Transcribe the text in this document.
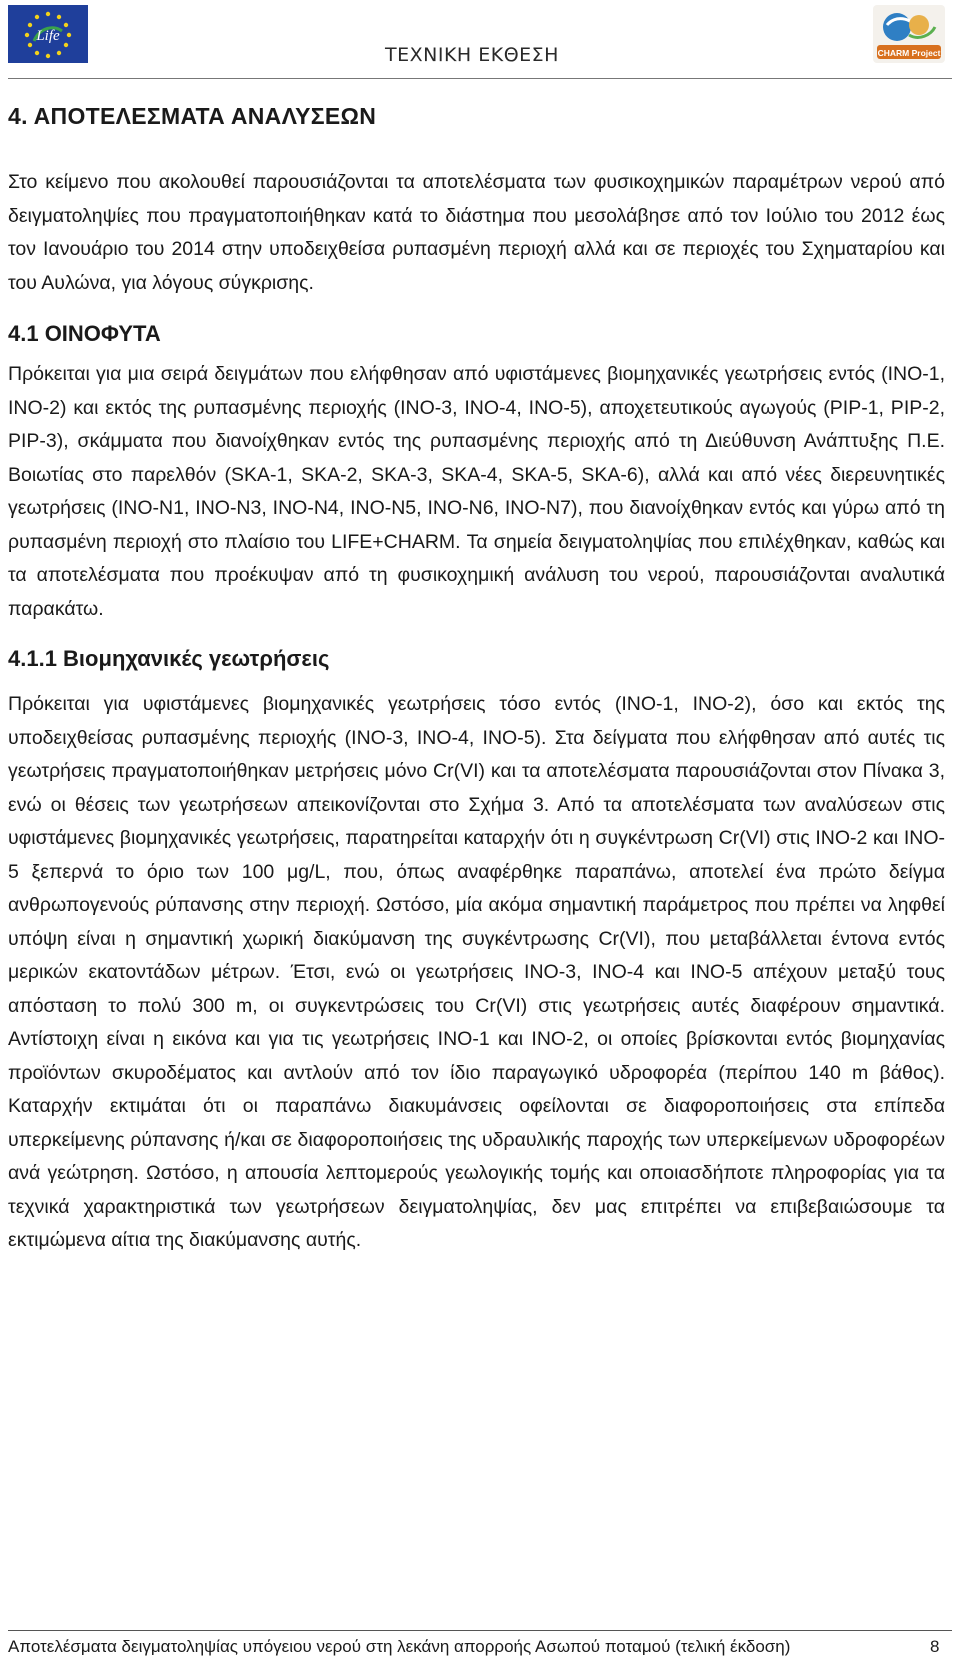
Life
ΤΕΧΝΙΚΗ ΕΚΘΕΣΗ	CHARM Project
4. ΑΠΟΤΕΛΕΣΜΑΤΑ ΑΝΑΛΥΣΕΩΝ

Στο κείμενο που ακολουθεί παρουσιάζονται τα αποτελέσματα των φυσικοχημικών παραμέτρων νερού από δειγματοληψίες που πραγματοποιήθηκαν κατά το διάστημα που μεσολάβησε από τον Ιούλιο του 2012 έως τον Ιανουάριο του 2014 στην υποδειχθείσα ρυπασμένη περιοχή αλλά και σε περιοχές του Σχηματαρίου και του Αυλώνα, για λόγους σύγκρισης.

4.1 ΟΙΝΟΦΥΤΑ

Πρόκειται για μια σειρά δειγμάτων που ελήφθησαν από υφιστάμενες βιομηχανικές γεωτρήσεις εντός (INO-1, INO-2) και εκτός της ρυπασμένης περιοχής (INO-3, INO-4, INO-5), αποχετευτικούς αγωγούς (PIP-1, PIP-2, PIP-3), σκάμματα που διανοίχθηκαν εντός της ρυπασμένης περιοχής από τη Διεύθυνση Ανάπτυξης Π.Ε. Βοιωτίας στο παρελθόν (SKA-1, SKA-2, SKA-3, SKA-4, SKA-5, SKA-6), αλλά και από νέες διερευνητικές γεωτρήσεις (INO-N1, INO-N3, INO-N4, INO-N5, INO-N6, INO-N7), που διανοίχθηκαν εντός και γύρω από τη ρυπασμένη περιοχή στο πλαίσιο του LIFE+CHARM. Τα σημεία δειγματοληψίας που επιλέχθηκαν, καθώς και τα αποτελέσματα που προέκυψαν από τη φυσικοχημική ανάλυση του νερού, παρουσιάζονται αναλυτικά παρακάτω.

4.1.1 Βιομηχανικές γεωτρήσεις

Πρόκειται για υφιστάμενες βιομηχανικές γεωτρήσεις τόσο εντός (INO-1, INO-2), όσο και εκτός της υποδειχθείσας ρυπασμένης περιοχής (INO-3, INO-4, INO-5). Στα δείγματα που ελήφθησαν από αυτές τις γεωτρήσεις πραγματοποιήθηκαν μετρήσεις μόνο Cr(VI) και τα αποτελέσματα παρουσιάζονται στον Πίνακα 3, ενώ οι θέσεις των γεωτρήσεων απεικονίζονται στο Σχήμα 3. Από τα αποτελέσματα των αναλύσεων στις υφιστάμενες βιομηχανικές γεωτρήσεις, παρατηρείται καταρχήν ότι η συγκέντρωση Cr(VI) στις INO-2 και INO-5 ξεπερνά το όριο των 100 μg/L, που, όπως αναφέρθηκε παραπάνω, αποτελεί ένα πρώτο δείγμα ανθρωπογενούς ρύπανσης στην περιοχή. Ωστόσο, μία ακόμα σημαντική παράμετρος που πρέπει να ληφθεί υπόψη είναι η σημαντική χωρική διακύμανση της συγκέντρωσης Cr(VI), που μεταβάλλεται έντονα εντός μερικών εκατοντάδων μέτρων. Έτσι, ενώ οι γεωτρήσεις INO-3, INO-4 και INO-5 απέχουν μεταξύ τους απόσταση το πολύ 300 m, οι συγκεντρώσεις του Cr(VI) στις γεωτρήσεις αυτές διαφέρουν σημαντικά. Αντίστοιχη είναι η εικόνα και για τις γεωτρήσεις INO-1 και INO-2, οι οποίες βρίσκονται εντός βιομηχανίας προϊόντων σκυροδέματος και αντλούν από τον ίδιο παραγωγικό υδροφορέα (περίπου 140 m βάθος). Καταρχήν εκτιμάται ότι οι παραπάνω διακυμάνσεις οφείλονται σε διαφοροποιήσεις στα επίπεδα υπερκείμενης ρύπανσης ή/και σε διαφοροποιήσεις της υδραυλικής παροχής των υπερκείμενων υδροφορέων ανά γεώτρηση. Ωστόσο, η απουσία λεπτομερούς γεωλογικής τομής και οποιασδήποτε πληροφορίας για τα τεχνικά χαρακτηριστικά των γεωτρήσεων δειγματοληψίας, δεν μας επιτρέπει να επιβεβαιώσουμε τα εκτιμώμενα αίτια της διακύμανσης αυτής.

Αποτελέσματα δειγματοληψίας υπόγειου νερού στη λεκάνη απορροής Ασωπού ποταμού (τελική έκδοση)	8
